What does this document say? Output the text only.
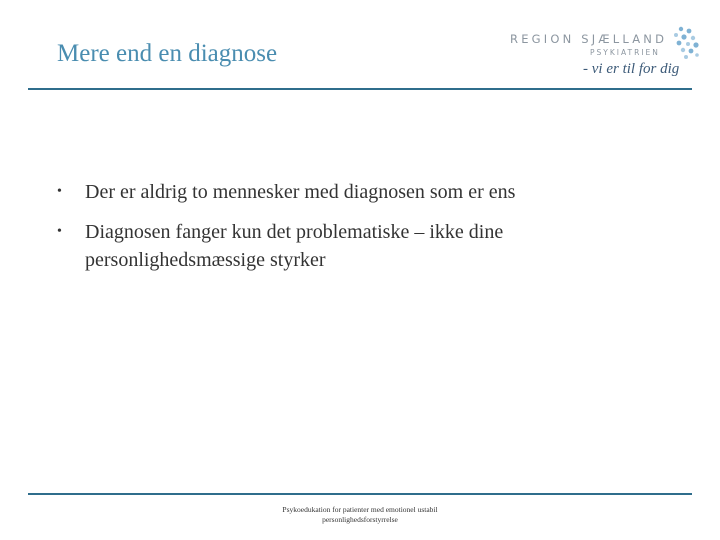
Mere end en diagnose
REGION SJÆLLAND
PSYKIATRIEN
- vi er til for dig
• Der er aldrig to mennesker med diagnosen som er ens
• Diagnosen fanger kun det problematiske – ikke dine personlighedsmæssige styrker
Psykoedukation for patienter med emotionel ustabil
personlighedsforstyrrelse
